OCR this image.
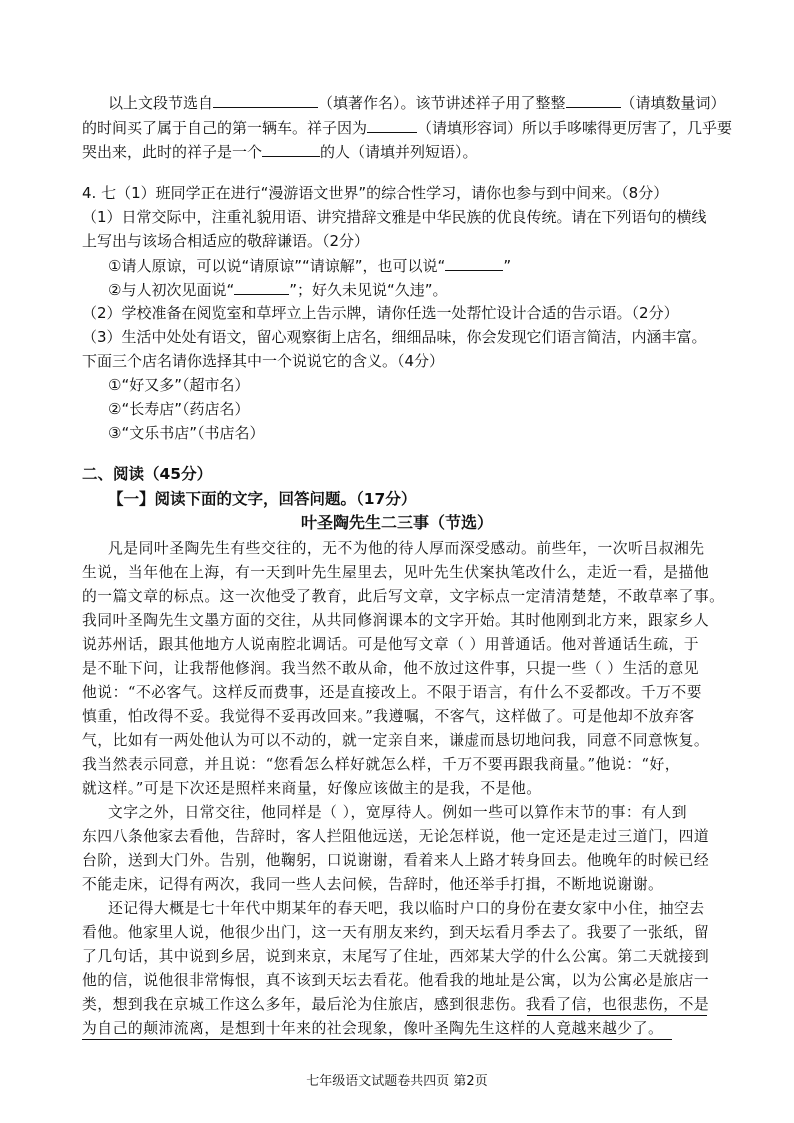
以上文段节选自	（填著作名）。该节讲述祥子用了整整	（请填数量词）
的时间买了属于自己的第一辆车。祥子因为	（请填形容词）所以手哆嗦得更厉害了，几乎要
哭出来，此时的祥子是一个	的人（请填并列短语）。
4. 七（1）班同学正在进行“漫游语文世界”的综合性学习，请你也参与到中间来。（8分）
（1）日常交际中，注重礼貌用语、讲究措辞文雅是中华民族的优良传统。请在下列语句的横线
上写出与该场合相适应的敬辞谦语。（2分）
①请人原谅，可以说“请原谅”“请谅解”，也可以说“	”
②与人初次见面说“	”；好久未见说“久违”。
（2）学校准备在阅览室和草坪立上告示牌，请你任选一处帮忙设计合适的告示语。（2分）
（3）生活中处处有语文，留心观察街上店名，细细品味，你会发现它们语言简洁，内涵丰富。
下面三个店名请你选择其中一个说说它的含义。（4分）
①“好又多”（超市名）
②“长寿店”（药店名）
③“文乐书店”（书店名）
二、阅读（45分）
【一】阅读下面的文字，回答问题。（17分）
叶圣陶先生二三事（节选）
凡是同叶圣陶先生有些交往的，无不为他的待人厚而深受感动。前些年，一次听吕叔湘先
生说，当年他在上海，有一天到叶先生屋里去，见叶先生伏案执笔改什么，走近一看，是描他
的一篇文章的标点。这一次他受了教育，此后写文章，文字标点一定清清楚楚，不敢草率了事。
我同叶圣陶先生文墨方面的交往，从共同修润课本的文字开始。其时他刚到北方来，跟家乡人
说苏州话，跟其他地方人说南腔北调话。可是他写文章（ ）用普通话。他对普通话生疏，于
是不耻下问，让我帮他修润。我当然不敢从命，他不放过这件事，只提一些（ ）生活的意见
他说：“不必客气。这样反而费事，还是直接改上。不限于语言，有什么不妥都改。千万不要
慎重，怕改得不妥。我觉得不妥再改回来。”我遵嘱，不客气，这样做了。可是他却不放弃客
气，比如有一两处他认为可以不动的，就一定亲自来，谦虚而恳切地问我，同意不同意恢复。
我当然表示同意，并且说：“您看怎么样好就怎么样，千万不要再跟我商量。”他说：“好，
就这样。”可是下次还是照样来商量，好像应该做主的是我，不是他。
文字之外，日常交往，他同样是（ ），宽厚待人。例如一些可以算作末节的事：有人到
东四八条他家去看他，告辞时，客人拦阻他远送，无论怎样说，他一定还是走过三道门，四道
台阶，送到大门外。告别，他鞠躬，口说谢谢，看着来人上路才转身回去。他晚年的时候已经
不能走床，记得有两次，我同一些人去问候，告辞时，他还举手打揖，不断地说谢谢。
还记得大概是七十年代中期某年的春天吧，我以临时户口的身份在妻女家中小住，抽空去
看他。他家里人说，他很少出门，这一天有朋友来约，到天坛看月季去了。我要了一张纸，留
了几句话，其中说到乡居，说到来京，末尾写了住址，西郊某大学的什么公寓。第二天就接到
他的信，说他很非常悔恨，真不该到天坛去看花。他看我的地址是公寓，以为公寓必是旅店一
类，想到我在京城工作这么多年，最后沦为住旅店，感到很悲伤。我看了信，也很悲伤，不是
为自己的颠沛流离，是想到十年来的社会现象，像叶圣陶先生这样的人竟越来越少了。
七年级语文试题卷共四页 第2页
